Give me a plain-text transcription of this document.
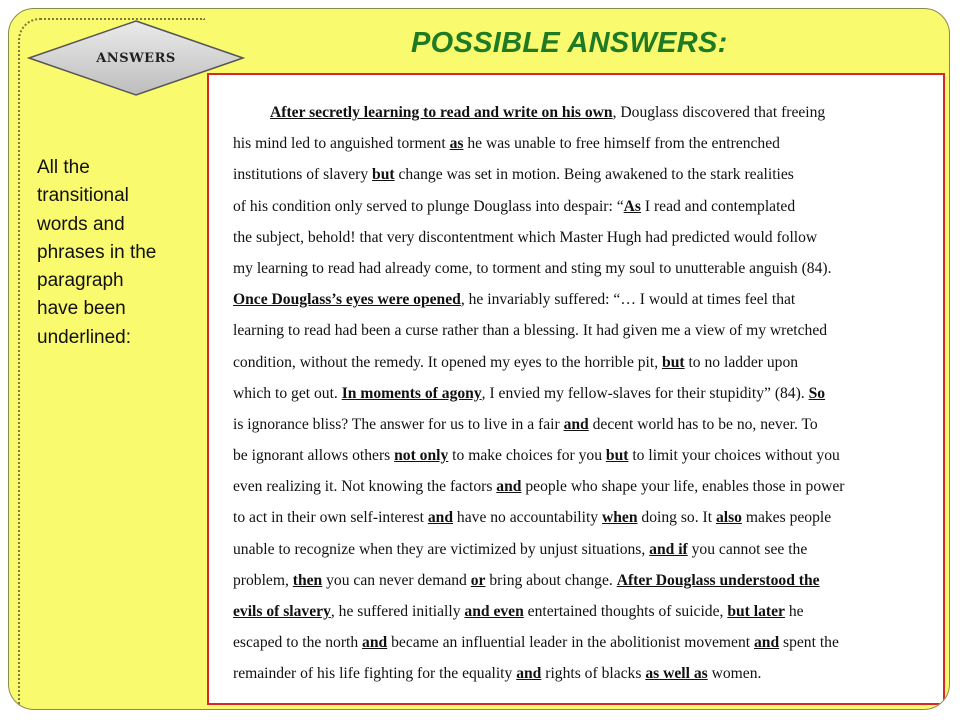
ANSWERS	POSSIBLE ANSWERS:
All the transitional words and phrases in the paragraph have been underlined:
After secretly learning to read and write on his own, Douglass discovered that freeing
his mind led to anguished torment as he was unable to free himself from the entrenched
institutions of slavery but change was set in motion. Being awakened to the stark realities
of his condition only served to plunge Douglass into despair: “As I read and contemplated
the subject, behold! that very discontentment which Master Hugh had predicted would follow
my learning to read had already come, to torment and sting my soul to unutterable anguish (84).
Once Douglass’s eyes were opened, he invariably suffered: “… I would at times feel that
learning to read had been a curse rather than a blessing. It had given me a view of my wretched
condition, without the remedy. It opened my eyes to the horrible pit, but to no ladder upon
which to get out. In moments of agony, I envied my fellow-slaves for their stupidity” (84). So
is ignorance bliss? The answer for us to live in a fair and decent world has to be no, never. To
be ignorant allows others not only to make choices for you but to limit your choices without you
even realizing it. Not knowing the factors and people who shape your life, enables those in power
to act in their own self-interest and have no accountability when doing so. It also makes people
unable to recognize when they are victimized by unjust situations, and if you cannot see the
problem, then you can never demand or bring about change. After Douglass understood the
evils of slavery, he suffered initially and even entertained thoughts of suicide, but later he
escaped to the north and became an influential leader in the abolitionist movement and spent the
remainder of his life fighting for the equality and rights of blacks as well as women.
